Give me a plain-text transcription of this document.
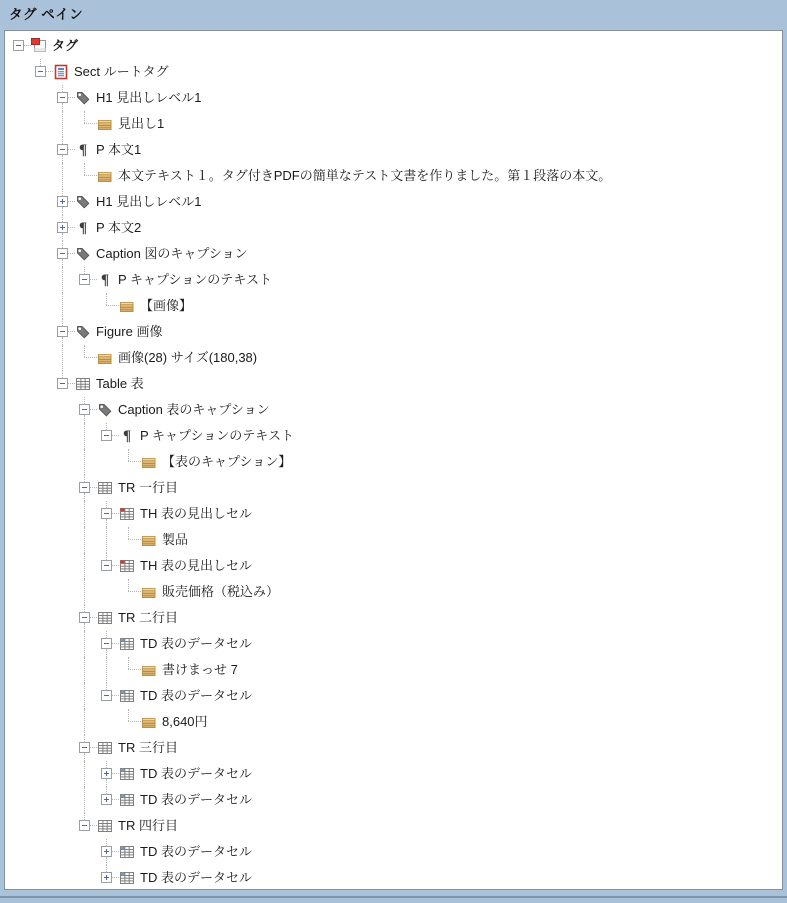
タグ ペイン
タグ
Sect ルートタグ
H1 見出しレベル1
見出し1
¶ P 本文1
本文テキスト１。タグ付きPDFの簡単なテスト文書を作りました。第１段落の本文。
H1 見出しレベル1
¶ P 本文2
Caption 図のキャプション
¶ P キャプションのテキスト
【画像】
Figure 画像
画像(28) サイズ(180,38)
Table 表
Caption 表のキャプション
¶ P キャプションのテキスト
【表のキャプション】
TR 一行目
TH 表の見出しセル
製品
TH 表の見出しセル
販売価格（税込み）
TR 二行目
TD 表のデータセル
書けまっせ 7
TD 表のデータセル
8,640円
TR 三行目
TD 表のデータセル
TD 表のデータセル
TR 四行目
TD 表のデータセル
TD 表のデータセル
